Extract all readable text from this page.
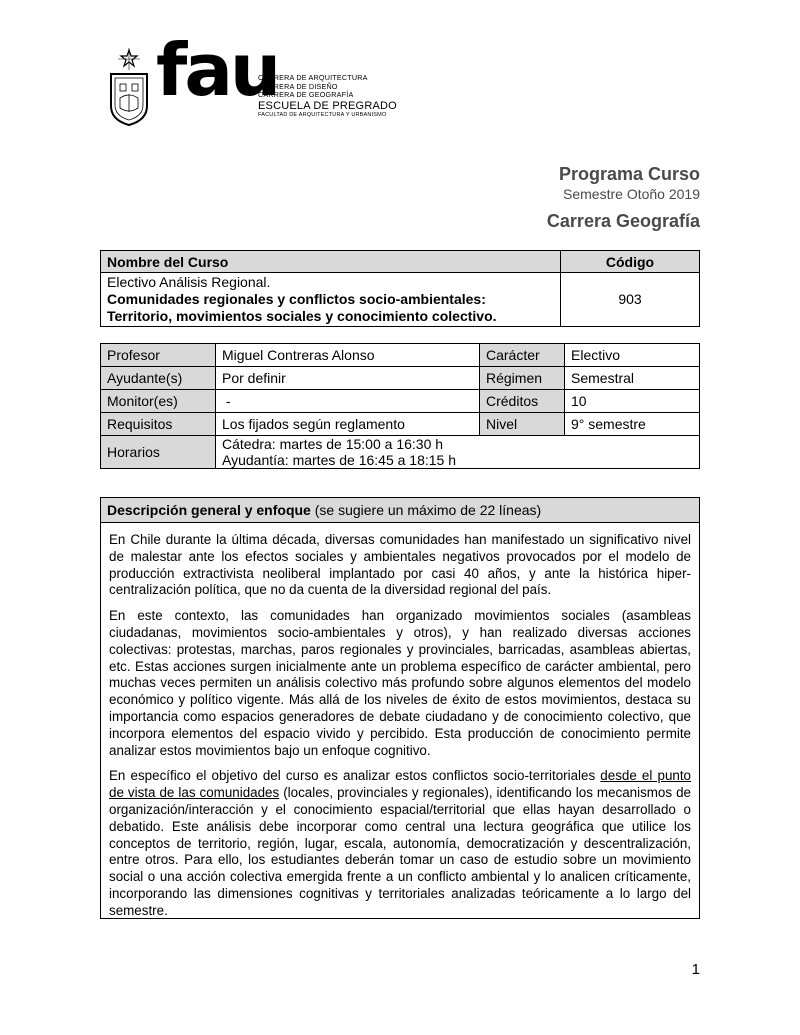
fau
CARRERA DE ARQUITECTURA
CARRERA DE DISEÑO
CARRERA DE GEOGRAFÍA
ESCUELA DE PREGRADO
FACULTAD DE ARQUITECTURA Y URBANISMO
Programa Curso
Semestre Otoño 2019
Carrera Geografía
Nombre del Curso	Código

Electivo Análisis Regional.
Comunidades regionales y conflictos socio-ambientales:
Territorio, movimientos sociales y conocimiento colectivo.	903
Profesor	Miguel Contreras Alonso	Carácter	Electivo
Ayudante(s)	Por definir	Régimen	Semestral
Monitor(es)	-	Créditos	10
Requisitos	Los fijados según reglamento	Nivel	9° semestre
Horarios	Cátedra: martes de 15:00 a 16:30 h
Ayudantía: martes de 16:45 a 18:15 h		
Descripción general y enfoque (se sugiere un máximo de 22 líneas)

En Chile durante la última década, diversas comunidades han manifestado un significativo nivel de malestar ante los efectos sociales y ambientales negativos provocados por el modelo de producción extractivista neoliberal implantado por casi 40 años, y ante la histórica hiper-centralización política, que no da cuenta de la diversidad regional del país.

En este contexto, las comunidades han organizado movimientos sociales (asambleas ciudadanas, movimientos socio-ambientales y otros), y han realizado diversas acciones colectivas: protestas, marchas, paros regionales y provinciales, barricadas, asambleas abiertas, etc. Estas acciones surgen inicialmente ante un problema específico de carácter ambiental, pero muchas veces permiten un análisis colectivo más profundo sobre algunos elementos del modelo económico y político vigente. Más allá de los niveles de éxito de estos movimientos, destaca su importancia como espacios generadores de debate ciudadano y de conocimiento colectivo, que incorpora elementos del espacio vivido y percibido. Esta producción de conocimiento permite analizar estos movimientos bajo un enfoque cognitivo.

En específico el objetivo del curso es analizar estos conflictos socio-territoriales desde el punto de vista de las comunidades (locales, provinciales y regionales), identificando los mecanismos de organización/interacción y el conocimiento espacial/territorial que ellas hayan desarrollado o debatido. Este análisis debe incorporar como central una lectura geográfica que utilice los conceptos de territorio, región, lugar, escala, autonomía, democratización y descentralización, entre otros. Para ello, los estudiantes deberán tomar un caso de estudio sobre un movimiento social o una acción colectiva emergida frente a un conflicto ambiental y lo analicen críticamente, incorporando las dimensiones cognitivas y territoriales analizadas teóricamente a lo largo del semestre.

1
